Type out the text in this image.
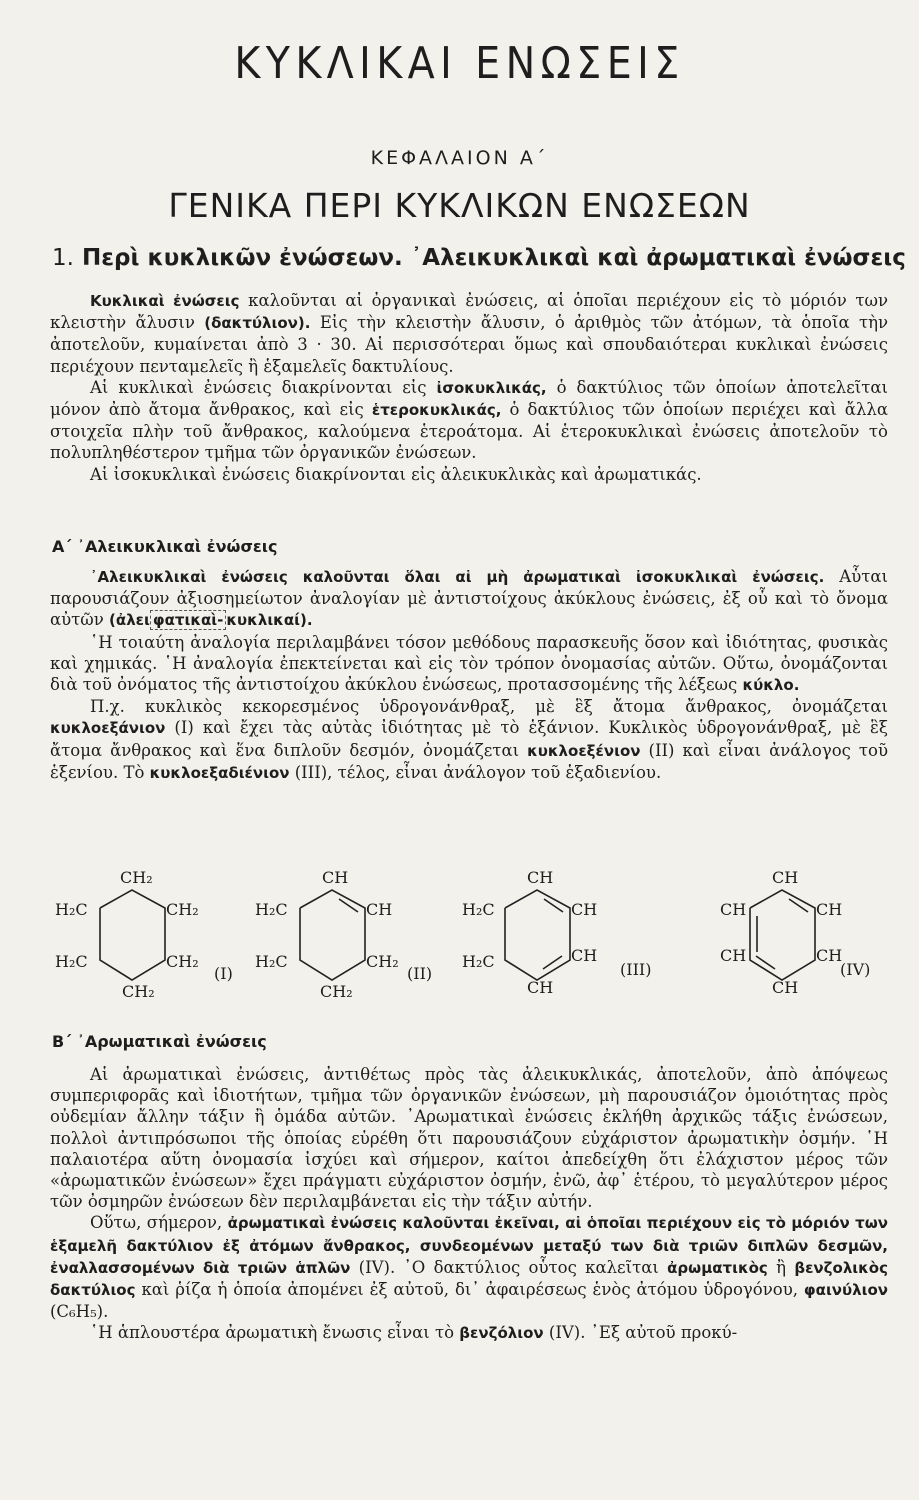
ΚΥΚΛΙΚΑΙ ΕΝΩΣΕΙΣ
ΚΕΦΑΛΑΙΟΝ Α΄
ΓΕΝΙΚΑ ΠΕΡΙ ΚΥΚΛΙΚΩΝ ΕΝΩΣΕΩΝ
1. Περὶ κυκλικῶν ἐνώσεων. ᾿Αλεικυκλικαὶ καὶ ἀρωματικαὶ ἐνώσεις

Κυκλικαὶ ἐνώσεις καλοῦνται αἱ ὀργανικαὶ ἐνώσεις, αἱ ὁποῖαι περιέχουν εἰς τὸ μόριόν των κλειστὴν ἄλυσιν (δακτύλιον). Εἰς τὴν κλειστὴν ἄλυσιν, ὁ ἀριθμὸς τῶν ἀτόμων, τὰ ὁποῖα τὴν ἀποτελοῦν, κυμαίνεται ἀπὸ 3 · 30. Αἱ περισσότεραι ὅμως καὶ σπουδαιότεραι κυκλικαὶ ἐνώσεις περιέχουν πενταμελεῖς ἢ ἑξαμελεῖς δακτυλίους.

Αἱ κυκλικαὶ ἐνώσεις διακρίνονται εἰς ἰσοκυκλικάς, ὁ δακτύλιος τῶν ὁποίων ἀποτελεῖται μόνον ἀπὸ ἄτομα ἄνθρακος, καὶ εἰς ἑτεροκυκλικάς, ὁ δακτύλιος τῶν ὁποίων περιέχει καὶ ἄλλα στοιχεῖα πλὴν τοῦ ἄνθρακος, καλούμενα ἑτεροάτομα. Αἱ ἑτεροκυκλικαὶ ἐνώσεις ἀποτελοῦν τὸ πολυπληθέστερον τμῆμα τῶν ὀργανικῶν ἐνώσεων.

Αἱ ἰσοκυκλικαὶ ἐνώσεις διακρίνονται εἰς ἀλεικυκλικὰς καὶ ἀρωματικάς.

Α΄ ᾿Αλεικυκλικαὶ ἐνώσεις

᾿Αλεικυκλικαὶ ἐνώσεις καλοῦνται ὅλαι αἱ μὴ ἀρωματικαὶ ἰσοκυκλικαὶ ἐνώσεις. Αὗται παρουσιάζουν ἀξιοσημείωτον ἀναλογίαν μὲ ἀντιστοίχους ἀκύκλους ἐνώσεις, ἐξ οὗ καὶ τὸ ὄνομα αὐτῶν (ἀλει φατικαὶ- κυκλικαί).

῾Η τοιαύτη ἀναλογία περιλαμβάνει τόσον μεθόδους παρασκευῆς ὅσον καὶ ἰδιότητας, φυσικὰς καὶ χημικάς. ῾Η ἀναλογία ἐπεκτείνεται καὶ εἰς τὸν τρόπον ὀνομασίας αὐτῶν. Οὕτω, ὀνομάζονται διὰ τοῦ ὀνόματος τῆς ἀντιστοίχου ἀκύκλου ἐνώσεως, προτασσομένης τῆς λέξεως κύκλο.

Π.χ. κυκλικὸς κεκορεσμένος ὑδρογονάνθραξ, μὲ ἓξ ἄτομα ἄνθρακος, ὀνομάζεται κυκλοεξάνιον (I) καὶ ἔχει τὰς αὐτὰς ἰδιότητας μὲ τὸ ἑξάνιον. Κυκλικὸς ὑδρογονάνθραξ, μὲ ἓξ ἄτομα ἄνθρακος καὶ ἕνα διπλοῦν δεσμόν, ὀνομάζεται κυκλοεξένιον (II) καὶ εἶναι ἀνάλογος τοῦ ἑξενίου. Τὸ κυκλοεξαδιένιον (III), τέλος, εἶναι ἀνάλογον τοῦ ἑξαδιενίου.

CH₂
H₂C	CH₂
H₂C	CH₂
CH₂
(I)
CH
H₂C	CH
H₂C	CH₂
CH₂
(II)
CH
H₂C	CH
H₂C	CH
CH
(III)
CH
CH	CH
CH	CH
CH
(IV)
Β΄ ᾿Αρωματικαὶ ἐνώσεις

Αἱ ἀρωματικαὶ ἐνώσεις, ἀντιθέτως πρὸς τὰς ἀλεικυκλικάς, ἀποτελοῦν, ἀπὸ ἀπόψεως συμπεριφορᾶς καὶ ἰδιοτήτων, τμῆμα τῶν ὀργανικῶν ἐνώσεων, μὴ παρουσιάζον ὁμοιότητας πρὸς οὐδεμίαν ἄλλην τάξιν ἢ ὁμάδα αὐτῶν. ᾿Αρωματικαὶ ἐνώσεις ἐκλήθη ἀρχικῶς τάξις ἐνώσεων, πολλοὶ ἀντιπρόσωποι τῆς ὁποίας εὑρέθη ὅτι παρουσιάζουν εὐχάριστον ἀρωματικὴν ὀσμήν. ῾Η παλαιοτέρα αὕτη ὀνομασία ἰσχύει καὶ σήμερον, καίτοι ἀπεδείχθη ὅτι ἐλάχιστον μέρος τῶν «ἀρωματικῶν ἐνώσεων» ἔχει πράγματι εὐχάριστον ὀσμήν, ἐνῶ, ἀφ᾿ ἑτέρου, τὸ μεγαλύτερον μέρος τῶν ὀσμηρῶν ἐνώσεων δὲν περιλαμβάνεται εἰς τὴν τάξιν αὐτήν.

Οὕτω, σήμερον, ἀρωματικαὶ ἐνώσεις καλοῦνται ἐκεῖναι, αἱ ὁποῖαι περιέχουν εἰς τὸ μόριόν των ἑξαμελῆ δακτύλιον ἐξ ἀτόμων ἄνθρακος, συνδεομένων μεταξύ των διὰ τριῶν διπλῶν δεσμῶν, ἐναλλασσομένων διὰ τριῶν ἁπλῶν (IV). ᾿Ο δακτύλιος οὗτος καλεῖται ἀρωματικὸς ἢ βενζολικὸς δακτύλιος καὶ ῥίζα ἡ ὁποία ἀπομένει ἐξ αὐτοῦ, δι᾿ ἀφαιρέσεως ἑνὸς ἀτόμου ὑδρογόνου, φαινύλιον (C₆H₅).

῾Η ἁπλουστέρα ἀρωματικὴ ἔνωσις εἶναι τὸ βενζόλιον (IV). ᾿Εξ αὐτοῦ προκύ-
